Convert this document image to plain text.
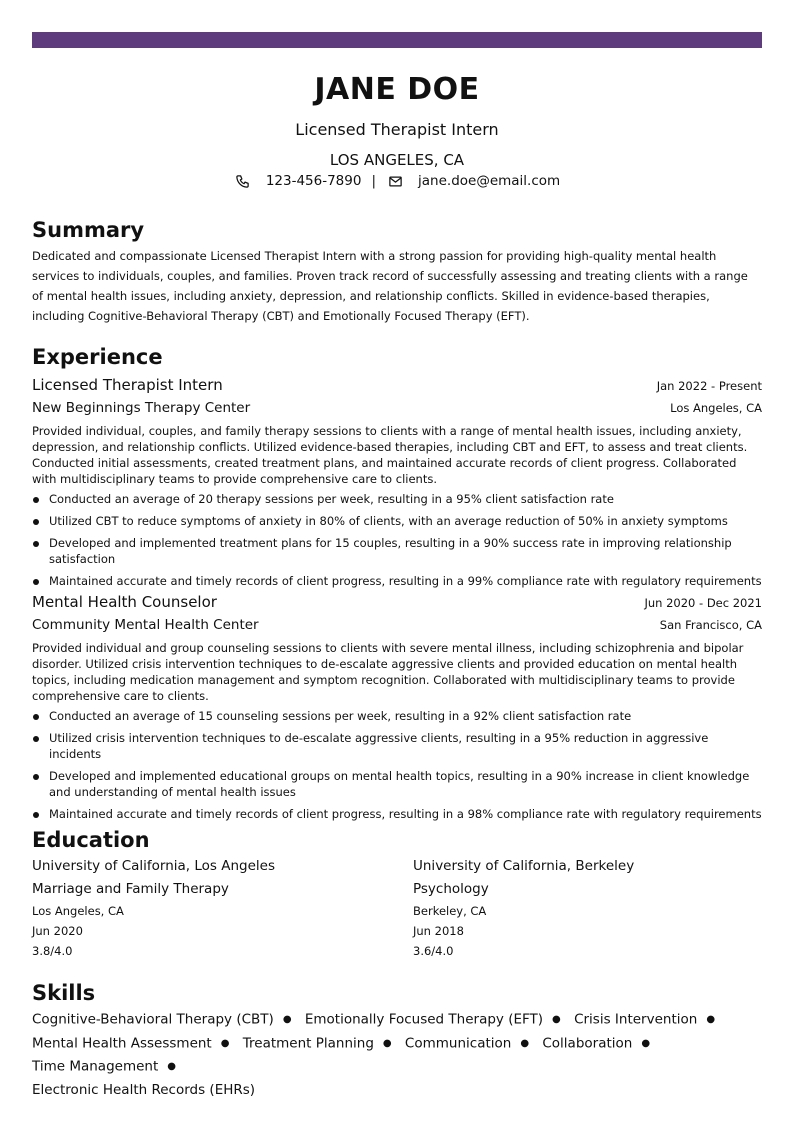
JANE DOE
Licensed Therapist Intern
LOS ANGELES, CA
123-456-7890 |	jane.doe@email.com
Summary
Dedicated and compassionate Licensed Therapist Intern with a strong passion for providing high-quality mental health services to individuals, couples, and families. Proven track record of successfully assessing and treating clients with a range of mental health issues, including anxiety, depression, and relationship conflicts. Skilled in evidence-based therapies, including Cognitive-Behavioral Therapy (CBT) and Emotionally Focused Therapy (EFT).
Experience
Licensed Therapist Intern	Jan 2022 - Present
New Beginnings Therapy Center	Los Angeles, CA
Provided individual, couples, and family therapy sessions to clients with a range of mental health issues, including anxiety, depression, and relationship conflicts. Utilized evidence-based therapies, including CBT and EFT, to assess and treat clients. Conducted initial assessments, created treatment plans, and maintained accurate records of client progress. Collaborated with multidisciplinary teams to provide comprehensive care to clients.
Conducted an average of 20 therapy sessions per week, resulting in a 95% client satisfaction rate
Utilized CBT to reduce symptoms of anxiety in 80% of clients, with an average reduction of 50% in anxiety symptoms
Developed and implemented treatment plans for 15 couples, resulting in a 90% success rate in improving relationship satisfaction
Maintained accurate and timely records of client progress, resulting in a 99% compliance rate with regulatory requirements
Mental Health Counselor	Jun 2020 - Dec 2021
Community Mental Health Center	San Francisco, CA
Provided individual and group counseling sessions to clients with severe mental illness, including schizophrenia and bipolar disorder. Utilized crisis intervention techniques to de-escalate aggressive clients and provided education on mental health topics, including medication management and symptom recognition. Collaborated with multidisciplinary teams to provide comprehensive care to clients.
Conducted an average of 15 counseling sessions per week, resulting in a 92% client satisfaction rate
Utilized crisis intervention techniques to de-escalate aggressive clients, resulting in a 95% reduction in aggressive incidents
Developed and implemented educational groups on mental health topics, resulting in a 90% increase in client knowledge and understanding of mental health issues
Maintained accurate and timely records of client progress, resulting in a 98% compliance rate with regulatory requirements
Education
University of California, Los Angeles
Marriage and Family Therapy
Los Angeles, CA
Jun 2020
3.8/4.0
University of California, Berkeley
Psychology
Berkeley, CA
Jun 2018
3.6/4.0
Skills
Cognitive-Behavioral Therapy (CBT) ● Emotionally Focused Therapy (EFT) ● Crisis Intervention ●
Mental Health Assessment ● Treatment Planning ● Communication ● Collaboration ● Time Management ●
Electronic Health Records (EHRs)
